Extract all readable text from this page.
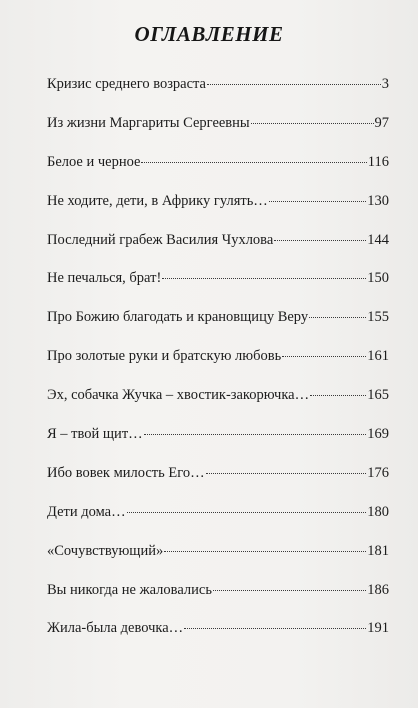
ОГЛАВЛЕНИЕ
Кризис среднего возраста	3
Из жизни Маргариты Сергеевны	97
Белое и черное	116
Не ходите, дети, в Африку гулять…	130
Последний грабеж Василия Чухлова	144
Не печалься, брат!	150
Про Божию благодать и крановщицу Веру	155
Про золотые руки и братскую любовь	161
Эх, собачка Жучка – хвостик-закорючка…	165
Я – твой щит…	169
Ибо вовек милость Его…	176
Дети дома…	180
«Сочувствующий»	181
Вы никогда не жаловались	186
Жила-была девочка…	191
